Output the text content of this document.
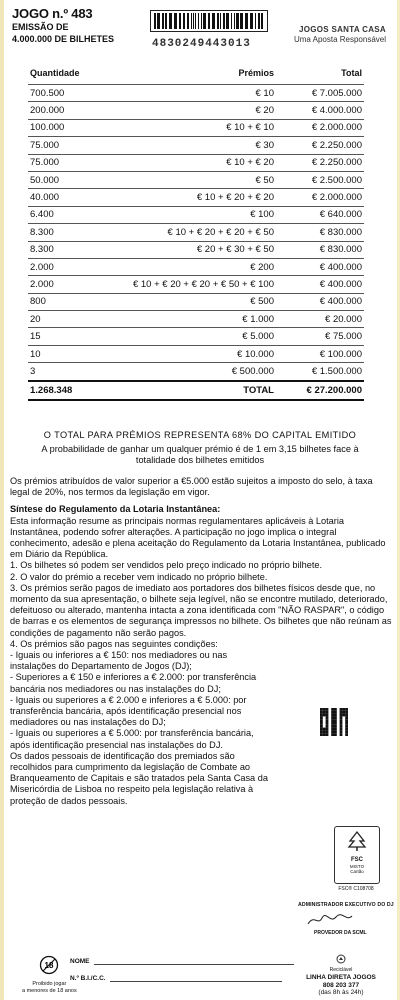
JOGO n.º 483
EMISSÃO DE
4.000.000 DE BILHETES	4830249443013
JOGOS SANTA CASA
Uma Aposta Responsável
Quantidade	Prémios	Total
700.500	€ 10	€ 7.005.000
200.000	€ 20	€ 4.000.000
100.000	€ 10 + € 10	€ 2.000.000
75.000	€ 30	€ 2.250.000
75.000	€ 10 + € 20	€ 2.250.000
50.000	€ 50	€ 2.500.000
40.000	€ 10 + € 20 + € 20	€ 2.000.000
6.400	€ 100	€ 640.000
8.300	€ 10 + € 20 + € 20 + € 50	€ 830.000
8.300	€ 20 + € 30 + € 50	€ 830.000
2.000	€ 200	€ 400.000
2.000	€ 10 + € 20 + € 20 + € 50 + € 100	€ 400.000
800	€ 500	€ 400.000
20	€ 1.000	€ 20.000
15	€ 5.000	€ 75.000
10	€ 10.000	€ 100.000
3	€ 500.000	€ 1.500.000
1.268.348	TOTAL	€ 27.200.000
O TOTAL PARA PRÉMIOS REPRESENTA 68% DO CAPITAL EMITIDO
A probabilidade de ganhar um qualquer prémio é de 1 em 3,15 bilhetes face à totalidade dos bilhetes emitidos

Os prémios atribuídos de valor superior a €5.000 estão sujeitos a imposto do selo, à taxa legal de 20%, nos termos da legislação em vigor.

Síntese do Regulamento da Lotaria Instantânea:

Esta informação resume as principais normas regulamentares aplicáveis à Lotaria Instantânea, podendo sofrer alterações. A participação no jogo implica o integral conhecimento, adesão e plena aceitação do Regulamento da Lotaria Instantânea, publicado em Diário da República.

1. Os bilhetes só podem ser vendidos pelo preço indicado no próprio bilhete.

2. O valor do prémio a receber vem indicado no próprio bilhete.

3. Os prémios serão pagos de imediato aos portadores dos bilhetes físicos desde que, no momento da sua apresentação, o bilhete seja legível, não se encontre mutilado, deteriorado, defeituoso ou alterado, mantenha intacta a zona identificada com "NÃO RASPAR", o código de barras e os elementos de segurança impressos no bilhete. Os bilhetes que não reúnam as condições de pagamento não serão pagos.

4. Os prémios são pagos nas seguintes condições:

- Iguais ou inferiores a € 150: nos mediadores ou nas instalações do Departamento de Jogos (DJ);

- Superiores a € 150 e inferiores a € 2.000: por transferência bancária nos mediadores ou nas instalações do DJ;

- Iguais ou superiores a € 2.000 e inferiores a € 5.000: por transferência bancária, após identificação presencial nos mediadores ou nas instalações do DJ;

- Iguais ou superiores a € 5.000: por transferência bancária, após identificação presencial nas instalações do DJ.

Os dados pessoais de identificação dos premiados são recolhidos para cumprimento da legislação de Combate ao Branqueamento de Capitais e são tratados pela Santa Casa da Misericórdia de Lisboa no respeito pela legislação relativa à proteção de dados pessoais.

FSC
MISTO
Cartão
FSC® C108708
ADMINISTRADOR EXECUTIVO DO DJ
PROVEDOR DA SCML
18
Proibido jogar
a menores de 18 anos
NOME
N.º B.I./C.C.
Reciclável
LINHA DIRETA JOGOS
808 203 377
(das 8h às 24h)
